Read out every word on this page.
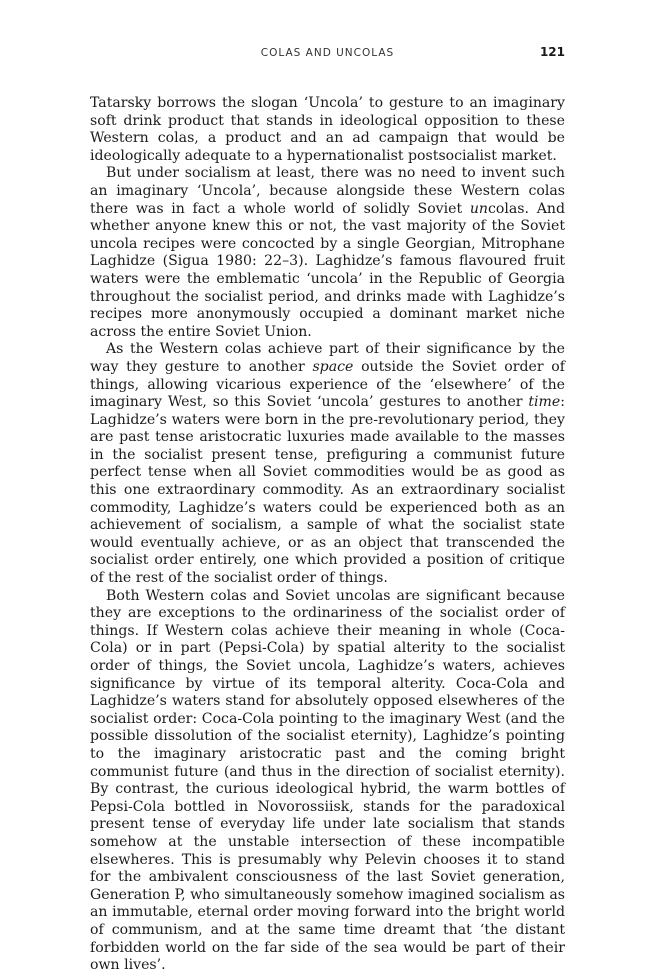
COLAS AND UNCOLAS	121

Tatarsky borrows the slogan ‘Uncola’ to gesture to an imaginary soft drink product that stands in ideological opposition to these Western colas, a product and an ad campaign that would be ideologically adequate to a hypernationalist postsocialist market.

But under socialism at least, there was no need to invent such an imaginary ‘Uncola’, because alongside these Western colas there was in fact a whole world of solidly Soviet uncolas. And whether anyone knew this or not, the vast majority of the Soviet uncola recipes were concocted by a single Georgian, Mitrophane Laghidze (Sigua 1980: 22–3). Laghidze’s famous flavoured fruit waters were the emblematic ‘uncola’ in the Republic of Georgia throughout the socialist period, and drinks made with Laghidze’s recipes more anonymously occupied a dominant market niche across the entire Soviet Union.

As the Western colas achieve part of their significance by the way they gesture to another space outside the Soviet order of things, allowing vicarious experience of the ‘elsewhere’ of the imaginary West, so this Soviet ‘uncola’ gestures to another time: Laghidze’s waters were born in the pre-revolutionary period, they are past tense aristocratic luxuries made available to the masses in the socialist present tense, prefiguring a communist future perfect tense when all Soviet commodities would be as good as this one extraordinary commodity. As an extraordinary socialist commodity, Laghidze’s waters could be experienced both as an achievement of socialism, a sample of what the socialist state would eventually achieve, or as an object that transcended the socialist order entirely, one which provided a position of critique of the rest of the socialist order of things.

Both Western colas and Soviet uncolas are significant because they are exceptions to the ordinariness of the socialist order of things. If Western colas achieve their meaning in whole (Coca-Cola) or in part (Pepsi-Cola) by spatial alterity to the socialist order of things, the Soviet uncola, Laghidze’s waters, achieves significance by virtue of its temporal alterity. Coca-Cola and Laghidze’s waters stand for absolutely opposed elsewheres of the socialist order: Coca-Cola pointing to the imaginary West (and the possible dissolution of the socialist eternity), Laghidze’s pointing to the imaginary aristocratic past and the coming bright communist future (and thus in the direction of socialist eternity). By contrast, the curious ideological hybrid, the warm bottles of Pepsi-Cola bottled in Novorossiisk, stands for the paradoxical present tense of everyday life under late socialism that stands somehow at the unstable intersection of these incompatible elsewheres. This is presumably why Pelevin chooses it to stand for the ambivalent consciousness of the last Soviet generation, Generation P, who simultaneously somehow imagined socialism as an immutable, eternal order moving forward into the bright world of communism, and at the same time dreamt that ‘the distant forbidden world on the far side of the sea would be part of their own lives’.
